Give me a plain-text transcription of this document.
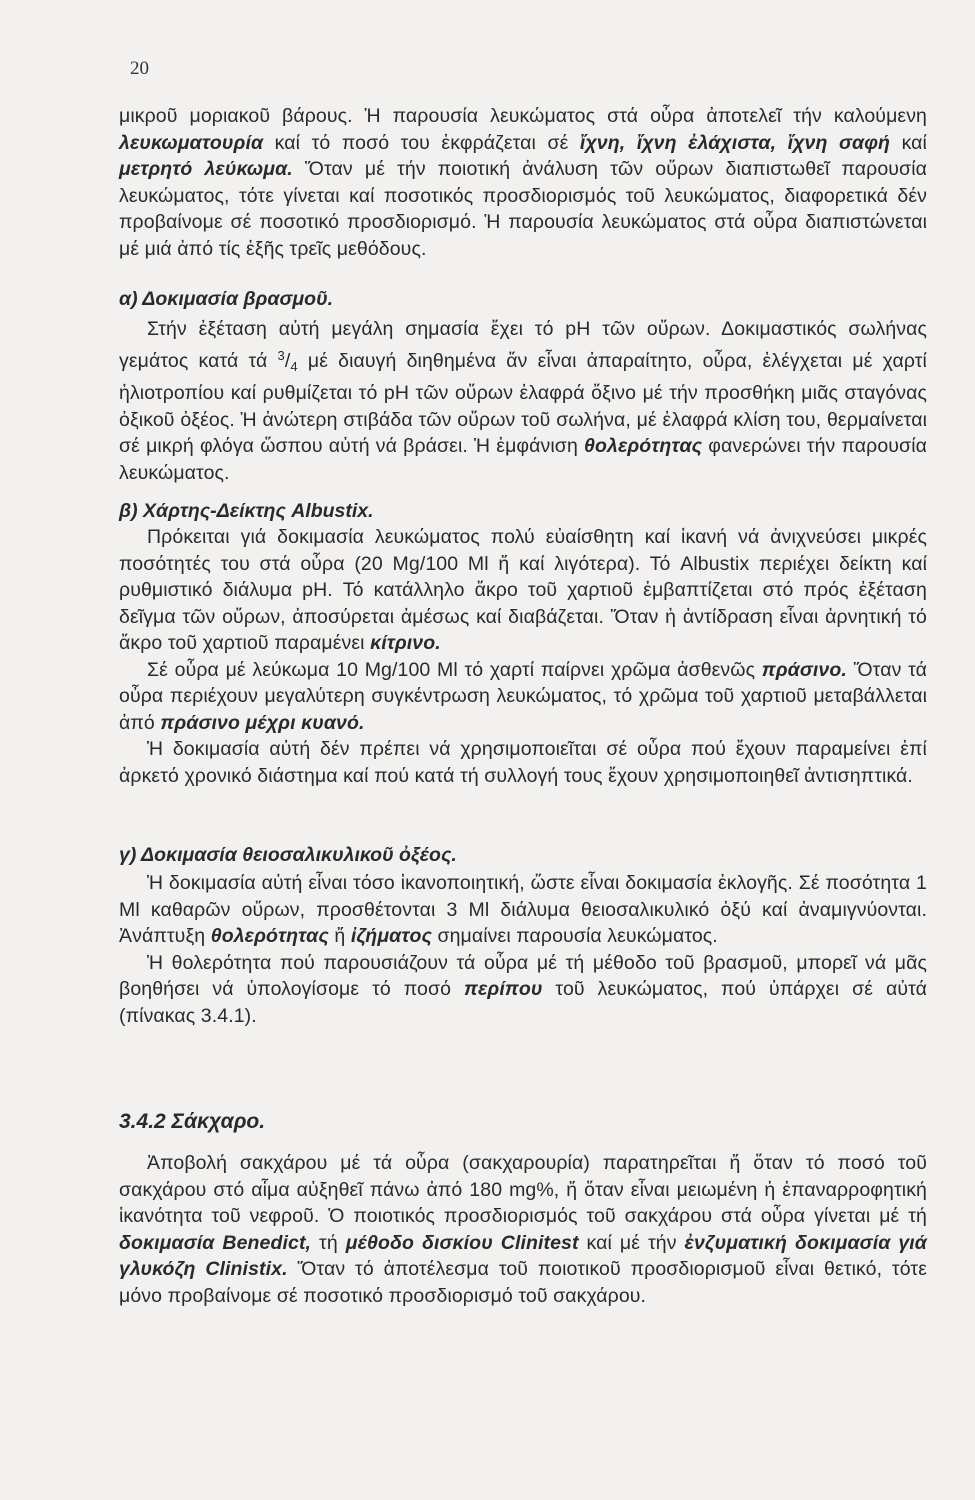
20

μικροῦ μοριακοῦ βάρους. Ἡ παρουσία λευκώματος στά οὖρα ἀποτελεῖ τήν καλούμενη λευκωματουρία καί τό ποσό του ἐκφράζεται σέ ἴχνη, ἴχνη ἐλάχιστα, ἴχνη σαφή καί μετρητό λεύκωμα. Ὅταν μέ τήν ποιοτική ἀνάλυση τῶν οὔρων διαπιστωθεῖ παρουσία λευκώματος, τότε γίνεται καί ποσοτικός προσδιορισμός τοῦ λευκώματος, διαφορετικά δέν προβαίνομε σέ ποσοτικό προσδιορισμό. Ἡ παρουσία λευκώματος στά οὖρα διαπιστώνεται μέ μιά ἀπό τίς ἑξῆς τρεῖς μεθόδους.

α) Δοκιμασία βρασμοῦ.

Στήν ἐξέταση αὐτή μεγάλη σημασία ἔχει τό pH τῶν οὔρων. Δοκιμαστικός σωλήνας γεμάτος κατά τά $^3/_4$ μέ διαυγή διηθημένα ἄν εἶναι ἀπαραίτητο, οὖρα, ἐλέγχεται μέ χαρτί ἡλιοτροπίου καί ρυθμίζεται τό pH τῶν οὔρων ἐλαφρά ὄξινο μέ τήν προσθήκη μιᾶς σταγόνας ὀξικοῦ ὀξέος. Ἡ ἀνώτερη στιβάδα τῶν οὔρων τοῦ σωλήνα, μέ ἐλαφρά κλίση του, θερμαίνεται σέ μικρή φλόγα ὥσπου αὐτή νά βράσει. Ἡ ἐμφάνιση θολερότητας φανερώνει τήν παρουσία λευκώματος.

β) Χάρτης-Δείκτης Albustix.

Πρόκειται γιά δοκιμασία λευκώματος πολύ εὐαίσθητη καί ἱκανή νά ἀνιχνεύσει μικρές ποσότητές του στά οὖρα (20 Mg/100 Ml ἤ καί λιγότερα). Τό Albustix περιέχει δείκτη καί ρυθμιστικό διάλυμα pH. Τό κατάλληλο ἄκρο τοῦ χαρτιοῦ ἐμβαπτίζεται στό πρός ἐξέταση δεῖγμα τῶν οὔρων, ἀποσύρεται ἀμέσως καί διαβάζεται. Ὅταν ἡ ἀντίδραση εἶναι ἀρνητική τό ἄκρο τοῦ χαρτιοῦ παραμένει κίτρινο.

Σέ οὖρα μέ λεύκωμα 10 Mg/100 Ml τό χαρτί παίρνει χρῶμα ἀσθενῶς πράσινο. Ὅταν τά οὖρα περιέχουν μεγαλύτερη συγκέντρωση λευκώματος, τό χρῶμα τοῦ χαρτιοῦ μεταβάλλεται ἀπό πράσινο μέχρι κυανό.

Ἡ δοκιμασία αὐτή δέν πρέπει νά χρησιμοποιεῖται σέ οὖρα πού ἔχουν παραμείνει ἐπί ἀρκετό χρονικό διάστημα καί πού κατά τή συλλογή τους ἔχουν χρησιμοποιηθεῖ ἀντισηπτικά.

γ) Δοκιμασία θειοσαλικυλικοῦ ὀξέος.

Ἡ δοκιμασία αὐτή εἶναι τόσο ἱκανοποιητική, ὥστε εἶναι δοκιμασία ἐκλογῆς. Σέ ποσότητα 1 Ml καθαρῶν οὔρων, προσθέτονται 3 Ml διάλυμα θειοσαλικυλικό ὀξύ καί ἀναμιγνύονται. Ἀνάπτυξη θολερότητας ἤ ἰζήματος σημαίνει παρουσία λευκώματος.

Ἡ θολερότητα πού παρουσιάζουν τά οὖρα μέ τή μέθοδο τοῦ βρασμοῦ, μπορεῖ νά μᾶς βοηθήσει νά ὑπολογίσομε τό ποσό περίπου τοῦ λευκώματος, πού ὑπάρχει σέ αὐτά (πίνακας 3.4.1).

3.4.2 Σάκχαρο.

Ἀποβολή σακχάρου μέ τά οὖρα (σακχαρουρία) παρατηρεῖται ἤ ὅταν τό ποσό τοῦ σακχάρου στό αἷμα αὐξηθεῖ πάνω ἀπό 180 mg%, ἤ ὅταν εἶναι μειωμένη ἡ ἐπαναρροφητική ἱκανότητα τοῦ νεφροῦ. Ὁ ποιοτικός προσδιορισμός τοῦ σακχάρου στά οὖρα γίνεται μέ τή δοκιμασία Benedict, τή μέθοδο δισκίου Clinitest καί μέ τήν ἐνζυματική δοκιμασία γιά γλυκόζη Clinistix. Ὅταν τό ἀποτέλεσμα τοῦ ποιοτικοῦ προσδιορισμοῦ εἶναι θετικό, τότε μόνο προβαίνομε σέ ποσοτικό προσδιορισμό τοῦ σακχάρου.
